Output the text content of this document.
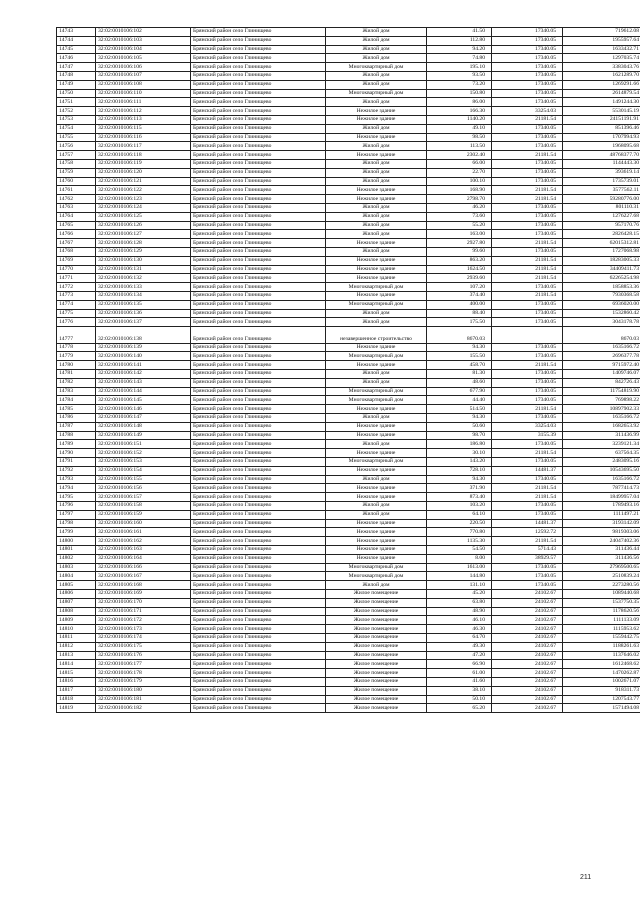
14743	32:02:0010106:102	Брянский район село Глинищево	Жилой дом	41.50	17340.05	719612.08
14744	32:02:0010106:103	Брянский район село Глинищево	Жилой дом	112.80	17340.05	1955957.64
14745	32:02:0010106:104	Брянский район село Глинищево	Жилой дом	94.20	17340.05	1633432.71
14746	32:02:0010106:105	Брянский район село Глинищево	Жилой дом	74.80	17340.05	1297035.74
14747	32:02:0010106:106	Брянский район село Глинищево	Многоквартирный дом	195.10	17340.05	3383043.76
14748	32:02:0010106:107	Брянский район село Глинищево	Жилой дом	93.50	17340.05	1621289.70
14749	32:02:0010106:108	Брянский район село Глинищево	Жилой дом	73.20	17340.05	1269291.66
14750	32:02:0010106:110	Брянский район село Глинищево	Многоквартирный дом	150.80	17340.05	2614879.54
14751	32:02:0010106:111	Брянский район село Глинищево	Жилой дом	86.00	17340.05	1491244.30
14752	32:02:0010106:112	Брянский район село Глинищево	Нежилое здание	166.30	33254.03	5530145.19
14753	32:02:0010106:113	Брянский район село Глинищево	Нежилое здание	1140.20	21181.54	24151191.91
14754	32:02:0010106:115	Брянский район село Глинищево	Жилой дом	49.10	17340.05	851396.46
14755	32:02:0010106:116	Брянский район село Глинищево	Нежилое здание	98.50	17340.05	1707994.93
14756	32:02:0010106:117	Брянский район село Глинищево	Жилой дом	113.50	17340.05	1968095.68
14757	32:02:0010106:118	Брянский район село Глинищево	Нежилое здание	2302.40	21181.54	48768377.70
14758	32:02:0010106:119	Брянский район село Глинищево	Жилой дом	66.00	17340.05	1144443.30
14759	32:02:0010106:120	Брянский район село Глинищево	Жилой дом	22.70	17340.05	393619.14
14760	32:02:0010106:121	Брянский район село Глинищево	Жилой дом	100.10	17340.05	1735739.01
14761	32:02:0010106:122	Брянский район село Глинищево	Нежилое здание	168.90	21181.54	3577562.11
14762	32:02:0010106:123	Брянский район село Глинищево	Нежилое здание	2798.70	21181.54	59280776.00
14763	32:02:0010106:124	Брянский район село Глинищево	Жилой дом	46.20	17340.05	801110.31
14764	32:02:0010106:125	Брянский район село Глинищево	Жилой дом	73.60	17340.05	1276227.68
14765	32:02:0010106:126	Брянский район село Глинищево	Жилой дом	55.20	17340.05	957170.76
14766	32:02:0010106:127	Брянский район село Глинищево	Жилой дом	163.00	17340.05	2826428.15
14767	32:02:0010106:128	Брянский район село Глинищево	Нежилое здание	2927.80	21181.54	62015312.81
14768	32:02:0010106:129	Брянский район село Глинищево	Жилой дом	99.60	17340.05	1727068.98
14769	32:02:0010106:130	Брянский район село Глинищево	Нежилое здание	863.20	21181.54	18283005.33
14770	32:02:0010106:131	Брянский район село Глинищево	Нежилое здание	1624.50	21181.54	34409411.73
14771	32:02:0010106:132	Брянский район село Глинищево	Нежилое здание	2939.60	21181.54	62265254.98
14772	32:02:0010106:133	Брянский район село Глинищево	Многоквартирный дом	107.20	17340.05	1858853.36
14773	32:02:0010106:134	Брянский район село Глинищево	Нежилое здание	374.40	21181.54	7930368.58
14774	32:02:0010106:135	Брянский район село Глинищево	Многоквартирный дом	400.00	17340.05	6936020.00
14775	32:02:0010106:136	Брянский район село Глинищево	Жилой дом	88.40	17340.05	1532860.42
14776	32:02:0010106:137	Брянский район село Глинищево	Жилой дом	175.50	17340.05	3043178.78
14777	32:02:0010106:138	Брянский район село Глинищево	незавершенное строительство	8670.03		8670.03
14778	32:02:0010106:139	Брянский район село Глинищево	Нежилое здание	94.30	17340.05	1635166.72
14779	32:02:0010106:140	Брянский район село Глинищево	Многоквартирный дом	155.50	17340.05	2696377.78
14780	32:02:0010106:141	Брянский район село Глинищево	Нежилое здание	458.70	21181.54	9715972.40
14781	32:02:0010106:142	Брянский район село Глинищево	Жилой дом	81.30	17340.05	1409746.07
14782	32:02:0010106:143	Брянский район село Глинищево	Жилой дом	48.60	17340.05	842726.43
14783	32:02:0010106:144	Брянский район село Глинищево	Многоквартирный дом	677.90	17340.05	11754819.90
14784	32:02:0010106:145	Брянский район село Глинищево	Многоквартирный дом	44.40	17340.05	769898.22
14785	32:02:0010106:146	Брянский район село Глинищево	Нежилое здание	514.50	21181.54	10897902.33
14786	32:02:0010106:147	Брянский район село Глинищево	Жилой дом	94.30	17340.05	1635166.72
14787	32:02:0010106:148	Брянский район село Глинищево	Нежилое здание	50.60	33254.03	1682653.92
14788	32:02:0010106:149	Брянский район село Глинищево	Нежилое здание	98.70	3155.39	311436.99
14789	32:02:0010106:151	Брянский район село Глинищево	Жилой дом	186.80	17340.05	3239121.34
14790	32:02:0010106:152	Брянский район село Глинищево	Нежилое здание	30.10	21181.54	637564.35
14791	32:02:0010106:153	Брянский район село Глинищево	Многоквартирный дом	143.20	17340.05	2483095.16
14792	32:02:0010106:154	Брянский район село Глинищево	Нежилое здание	728.10	14481.37	10543695.50
14793	32:02:0010106:155	Брянский район село Глинищево	Жилой дом	94.30	17340.05	1635166.72
14794	32:02:0010106:156	Брянский район село Глинищево	Нежилое здание	371.90	21181.54	7877414.73
14795	32:02:0010106:157	Брянский район село Глинищево	Нежилое здание	873.40	21181.54	18499957.04
14796	32:02:0010106:158	Брянский район село Глинищево	Жилой дом	103.20	17340.05	1789493.16
14797	32:02:0010106:159	Брянский район село Глинищево	Жилой дом	64.10	17340.05	1111497.21
14798	32:02:0010106:160	Брянский район село Глинищево	Нежилое здание	220.50	14481.37	3193142.09
14799	32:02:0010106:161	Брянский район село Глинищево	Нежилое здание	770.80	12592.72	9819303.06
14800	32:02:0010106:162	Брянский район село Глинищево	Нежилое здание	1135.30	21181.54	24047402.36
14801	32:02:0010106:163	Брянский район село Глинищево	Нежилое здание	54.50	5714.43	311436.44
14802	32:02:0010106:164	Брянский район село Глинищево	Нежилое здание	8.00	38929.57	311436.56
14803	32:02:0010106:166	Брянский район село Глинищево	Многоквартирный дом	1613.00	17340.05	27969500.65
14804	32:02:0010106:167	Брянский район село Глинищево	Многоквартирный дом	144.80	17340.05	2510839.24
14805	32:02:0010106:168	Брянский район село Глинищево	Жилой дом	131.10	17340.05	2273280.56
14806	32:02:0010106:169	Брянский район село Глинищево	Жилое помещение	45.20	24102.67	1089440.68
14807	32:02:0010106:170	Брянский район село Глинищево	Жилое помещение	63.80	24102.67	1537750.35
14808	32:02:0010106:171	Брянский район село Глинищево	Жилое помещение	48.90	24102.67	1178620.56
14809	32:02:0010106:172	Брянский район село Глинищево	Жилое помещение	46.10	24102.67	1111133.09
14810	32:02:0010106:173	Брянский район село Глинищево	Жилое помещение	46.30	24102.67	1115953.62
14811	32:02:0010106:174	Брянский район село Глинищево	Жилое помещение	64.70	24102.67	1559442.75
14812	32:02:0010106:175	Брянский район село Глинищево	Жилое помещение	49.30	24102.67	1188261.63
14813	32:02:0010106:176	Брянский район село Глинищево	Жилое помещение	47.20	24102.67	1137646.02
14814	32:02:0010106:177	Брянский район село Глинищево	Жилое помещение	66.90	24102.67	1612468.62
14815	32:02:0010106:178	Брянский район село Глинищево	Жилое помещение	61.00	24102.67	1470262.87
14816	32:02:0010106:179	Брянский район село Глинищево	Жилое помещение	41.60	24102.67	1002671.07
14817	32:02:0010106:180	Брянский район село Глинищево	Жилое помещение	38.10	24102.67	918311.73
14818	32:02:0010106:181	Брянский район село Глинищево	Жилое помещение	50.10	24102.67	1207543.77
14819	32:02:0010106:182	Брянский район село Глинищево	Жилое помещение	65.20	24102.67	1571494.08
211
